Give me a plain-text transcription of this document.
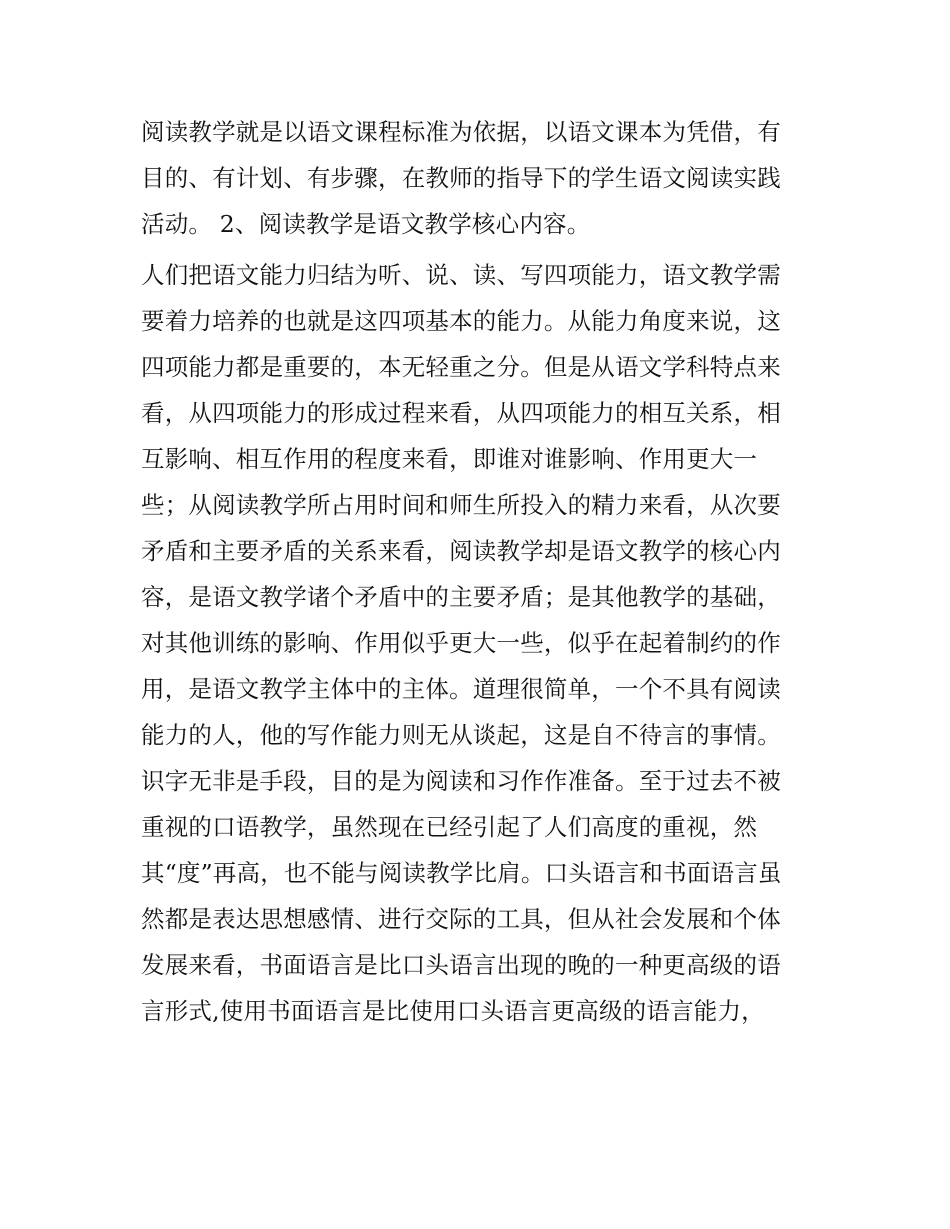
阅读教学就是以语文课程标准为依据，以语文课本为凭借，有
目的、有计划、有步骤，在教师的指导下的学生语文阅读实践
活动。 2、阅读教学是语文教学核心内容。
人们把语文能力归结为听、说、读、写四项能力，语文教学需
要着力培养的也就是这四项基本的能力。从能力角度来说，这
四项能力都是重要的，本无轻重之分。但是从语文学科特点来
看，从四项能力的形成过程来看，从四项能力的相互关系，相
互影响、相互作用的程度来看，即谁对谁影响、作用更大一
些；从阅读教学所占用时间和师生所投入的精力来看，从次要
矛盾和主要矛盾的关系来看，阅读教学却是语文教学的核心内
容，是语文教学诸个矛盾中的主要矛盾；是其他教学的基础，
对其他训练的影响、作用似乎更大一些，似乎在起着制约的作
用，是语文教学主体中的主体。道理很简单，一个不具有阅读
能力的人，他的写作能力则无从谈起，这是自不待言的事情。
识字无非是手段，目的是为阅读和习作作准备。至于过去不被
重视的口语教学，虽然现在已经引起了人们高度的重视，然
其“度”再高，也不能与阅读教学比肩。口头语言和书面语言虽
然都是表达思想感情、进行交际的工具，但从社会发展和个体
发展来看，书面语言是比口头语言出现的晚的一种更高级的语
言形式,使用书面语言是比使用口头语言更高级的语言能力，
